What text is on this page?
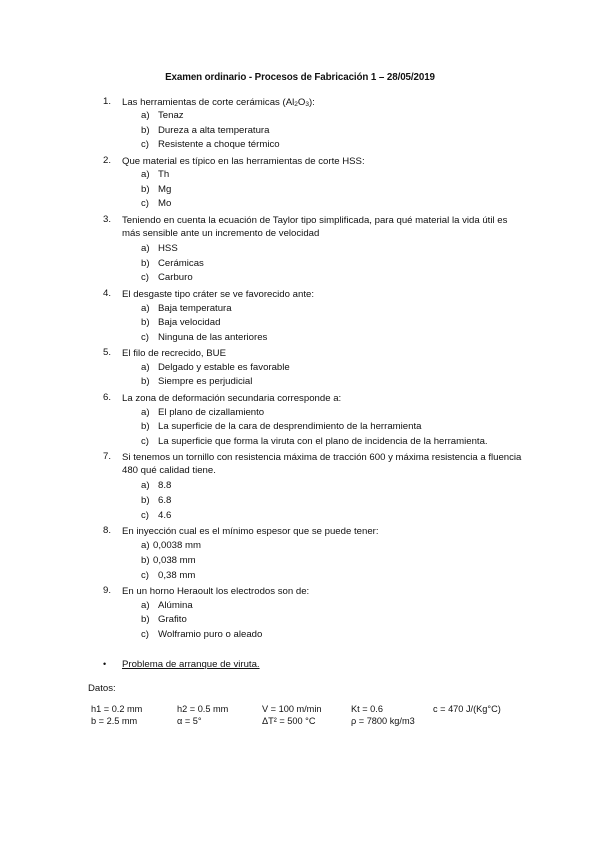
Examen ordinario - Procesos de Fabricación 1 – 28/05/2019
1. Las herramientas de corte cerámicas $(Al_2O_3)$:
a) Tenaz
b) Dureza a alta temperatura
c) Resistente a choque térmico
2. Que material es típico en las herramientas de corte HSS:
a) Th
b) Mg
c) Mo
3. Teniendo en cuenta la ecuación de Taylor tipo simplificada, para qué material la vida útil es más sensible ante un incremento de velocidad
a) HSS
b) Cerámicas
c) Carburo
4. El desgaste tipo cráter se ve favorecido ante:
a) Baja temperatura
b) Baja velocidad
c) Ninguna de las anteriores
5. El filo de recrecido, BUE
a) Delgado y estable es favorable
b) Siempre es perjudicial
6. La zona de deformación secundaria corresponde a:
a) El plano de cizallamiento
b) La superficie de la cara de desprendimiento de la herramienta
c) La superficie que forma la viruta con el plano de incidencia de la herramienta.
7. Si tenemos un tornillo con resistencia máxima de tracción 600 y máxima resistencia a fluencia 480 qué calidad tiene.
a) 8.8
b) 6.8
c) 4.6
8. En inyección cual es el mínimo espesor que se puede tener:
a) 0,0038 mm
b) 0,038 mm
c) 0,38 mm
9. En un horno Heraoult los electrodos son de:
a) Alúmina
b) Grafito
c) Wolframio puro o aleado
• Problema de arranque de viruta.
Datos:
h1 = 0.2 mm	h2 = 0.5 mm	V = 100 m/min	Kt = 0.6	c = 470 J/(Kg°C)
b = 2.5 mm	α = 5°	ΔT² = 500 °C	ρ = 7800 kg/m3
